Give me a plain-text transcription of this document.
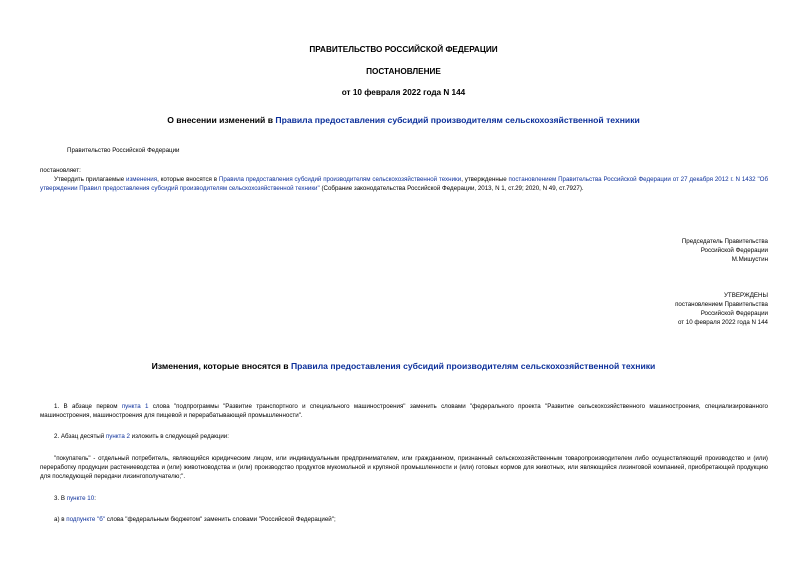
ПРАВИТЕЛЬСТВО РОССИЙСКОЙ ФЕДЕРАЦИИ
ПОСТАНОВЛЕНИЕ
от 10 февраля 2022 года N 144
О внесении изменений в Правила предоставления субсидий производителям сельскохозяйственной техники
Правительство Российской Федерации
постановляет:
Утвердить прилагаемые изменения, которые вносятся в Правила предоставления субсидий производителям сельскохозяйственной техники, утвержденные постановлением Правительства Российской Федерации от 27 декабря 2012 г. N 1432 "Об утверждении Правил предоставления субсидий производителям сельскохозяйственной техники" (Собрание законодательства Российской Федерации, 2013, N 1, ст.29; 2020, N 49, ст.7927).
Председатель Правительства
Российской Федерации
М.Мишустин
УТВЕРЖДЕНЫ
постановлением Правительства
Российской Федерации
от 10 февраля 2022 года N 144
Изменения, которые вносятся в Правила предоставления субсидий производителям сельскохозяйственной техники
1. В абзаце первом пункта 1 слова "подпрограммы "Развитие транспортного и специального машиностроения" заменить словами "федерального проекта "Развитие сельскохозяйственного машиностроения, специализированного машиностроения, машиностроения для пищевой и перерабатывающей промышленности".
2. Абзац десятый пункта 2 изложить в следующей редакции:
"покупатель" - отдельный потребитель, являющийся юридическим лицом, или индивидуальным предпринимателем, или гражданином, признанный сельскохозяйственным товаропроизводителем либо осуществляющий производство и (или) переработку продукции растениеводства и (или) животноводства и (или) производство продуктов мукомольной и крупяной промышленности и (или) готовых кормов для животных, или являющийся лизинговой компанией, приобретающей продукцию для последующей передачи лизингополучателю;".
3. В пункте 10:
а) в подпункте "б" слова "федеральным бюджетом" заменить словами "Российской Федерацией";
